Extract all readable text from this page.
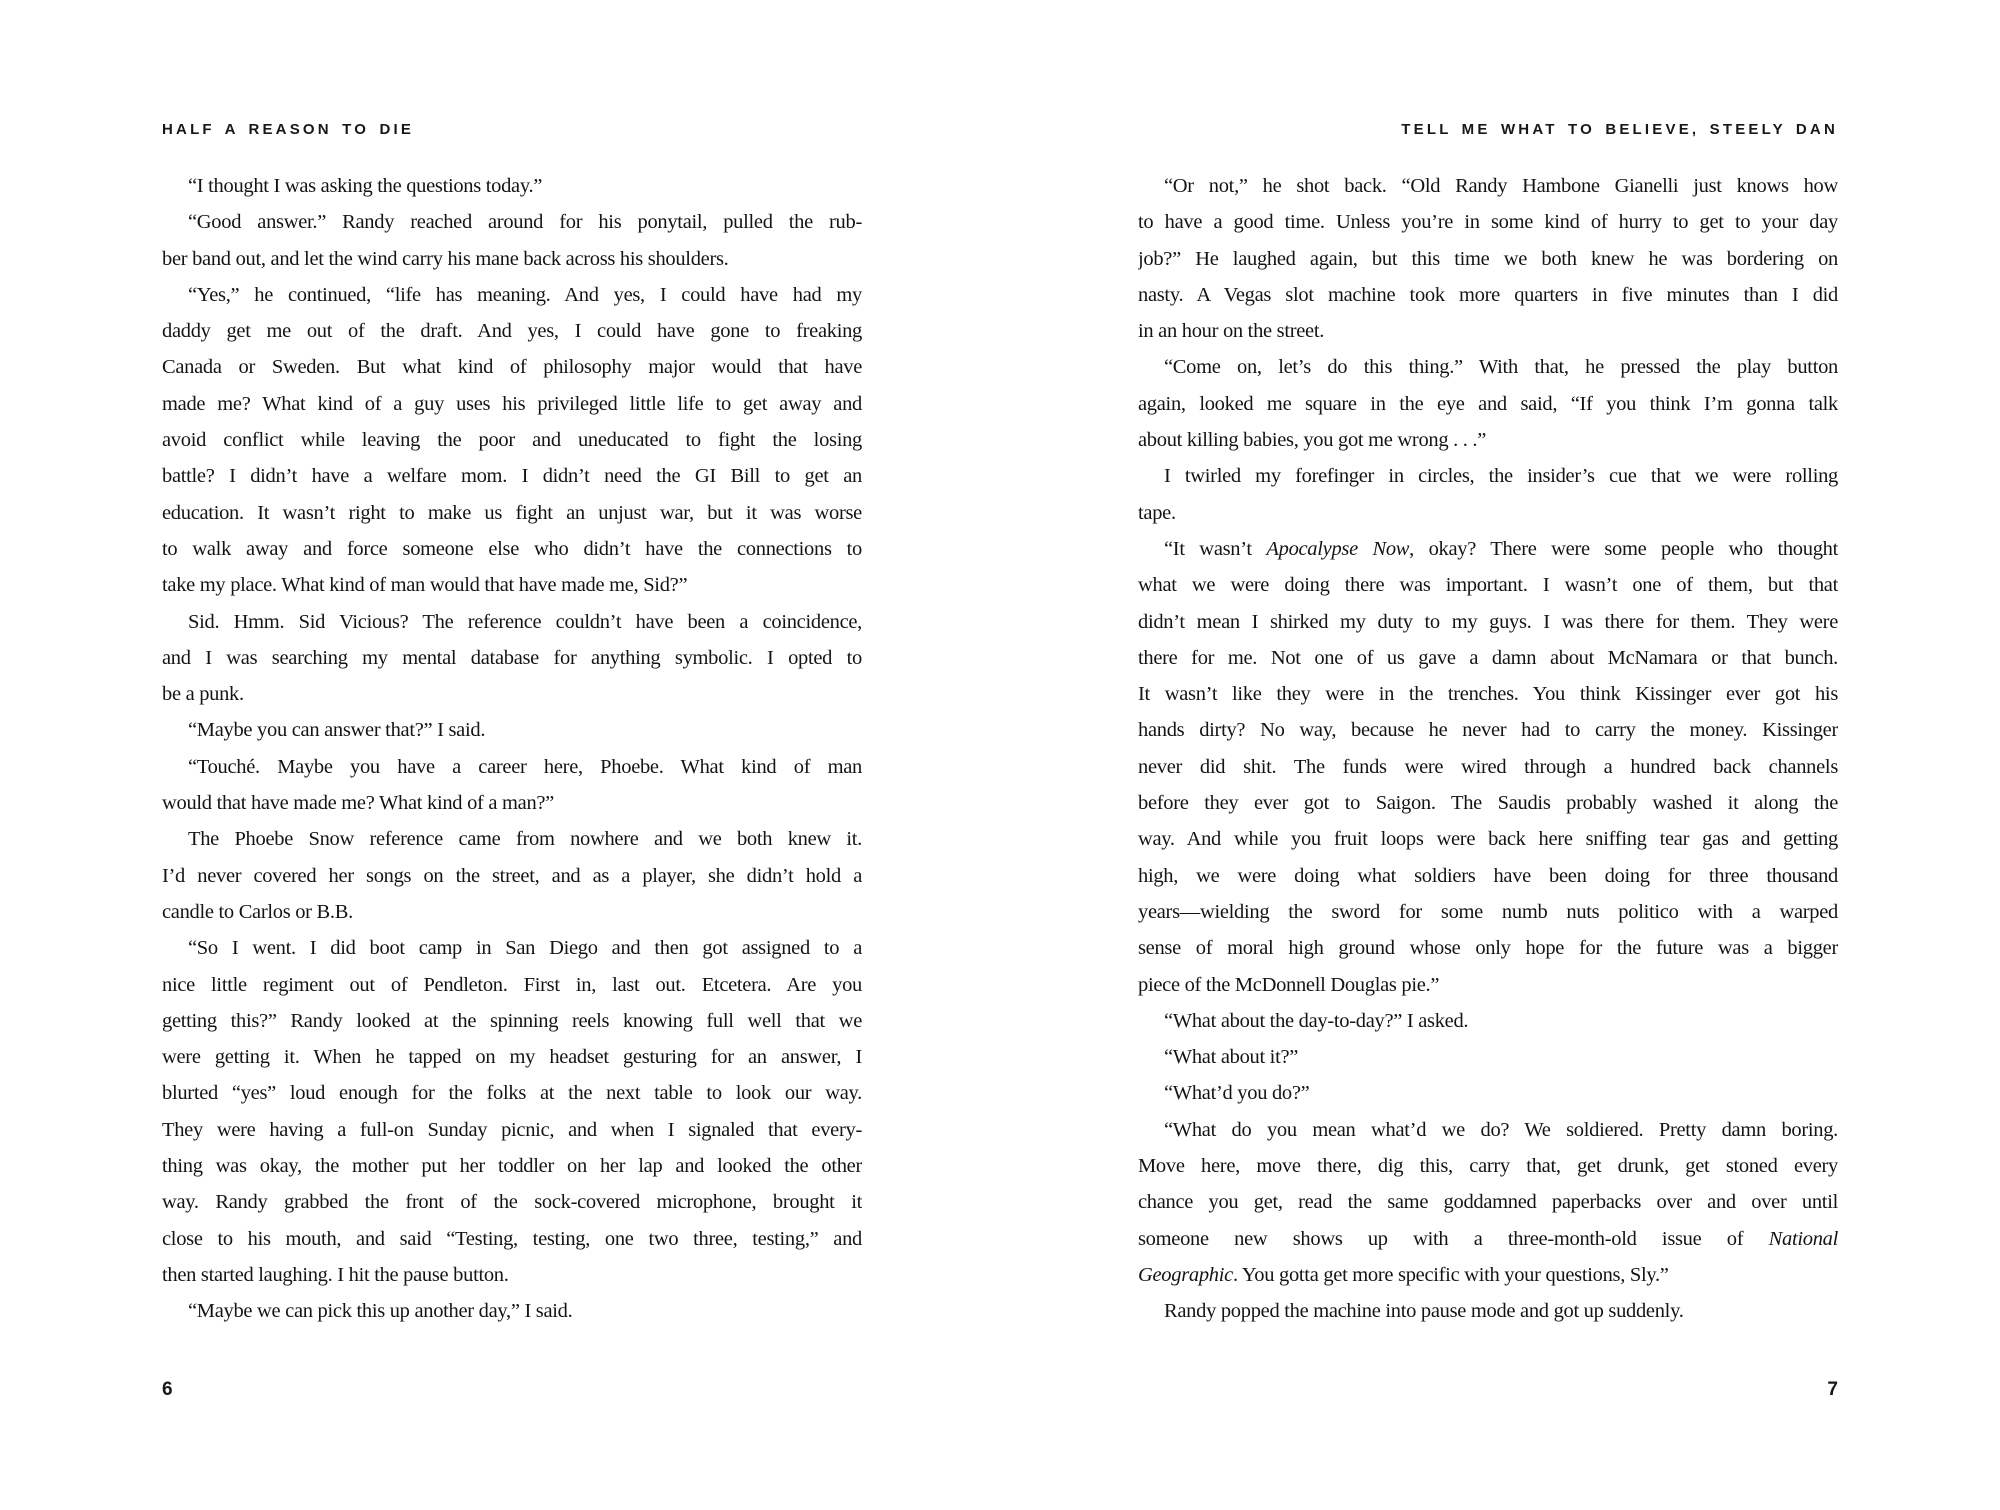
HALF A REASON TO DIE
“I thought I was asking the questions today.”
“Good answer.” Randy reached around for his ponytail, pulled the rub-
ber band out, and let the wind carry his mane back across his shoulders.
“Yes,” he continued, “life has meaning. And yes, I could have had my
daddy get me out of the draft. And yes, I could have gone to freaking
Canada or Sweden. But what kind of philosophy major would that have
made me? What kind of a guy uses his privileged little life to get away and
avoid conflict while leaving the poor and uneducated to fight the losing
battle? I didn’t have a welfare mom. I didn’t need the GI Bill to get an
education. It wasn’t right to make us fight an unjust war, but it was worse
to walk away and force someone else who didn’t have the connections to
take my place. What kind of man would that have made me, Sid?”
Sid. Hmm. Sid Vicious? The reference couldn’t have been a coincidence,
and I was searching my mental database for anything symbolic. I opted to
be a punk.
“Maybe you can answer that?” I said.
“Touché. Maybe you have a career here, Phoebe. What kind of man
would that have made me? What kind of a man?”
The Phoebe Snow reference came from nowhere and we both knew it.
I’d never covered her songs on the street, and as a player, she didn’t hold a
candle to Carlos or B.B.
“So I went. I did boot camp in San Diego and then got assigned to a
nice little regiment out of Pendleton. First in, last out. Etcetera. Are you
getting this?” Randy looked at the spinning reels knowing full well that we
were getting it. When he tapped on my headset gesturing for an answer, I
blurted “yes” loud enough for the folks at the next table to look our way.
They were having a full-on Sunday picnic, and when I signaled that every-
thing was okay, the mother put her toddler on her lap and looked the other
way. Randy grabbed the front of the sock-covered microphone, brought it
close to his mouth, and said “Testing, testing, one two three, testing,” and
then started laughing. I hit the pause button.
“Maybe we can pick this up another day,” I said.
6
TELL ME WHAT TO BELIEVE, STEELY DAN
“Or not,” he shot back. “Old Randy Hambone Gianelli just knows how
to have a good time. Unless you’re in some kind of hurry to get to your day
job?” He laughed again, but this time we both knew he was bordering on
nasty. A Vegas slot machine took more quarters in five minutes than I did
in an hour on the street.
“Come on, let’s do this thing.” With that, he pressed the play button
again, looked me square in the eye and said, “If you think I’m gonna talk
about killing babies, you got me wrong . . .”
I twirled my forefinger in circles, the insider’s cue that we were rolling
tape.
“It wasn’t Apocalypse Now, okay? There were some people who thought
what we were doing there was important. I wasn’t one of them, but that
didn’t mean I shirked my duty to my guys. I was there for them. They were
there for me. Not one of us gave a damn about McNamara or that bunch.
It wasn’t like they were in the trenches. You think Kissinger ever got his
hands dirty? No way, because he never had to carry the money. Kissinger
never did shit. The funds were wired through a hundred back channels
before they ever got to Saigon. The Saudis probably washed it along the
way. And while you fruit loops were back here sniffing tear gas and getting
high, we were doing what soldiers have been doing for three thousand
years—wielding the sword for some numb nuts politico with a warped
sense of moral high ground whose only hope for the future was a bigger
piece of the McDonnell Douglas pie.”
“What about the day-to-day?” I asked.
“What about it?”
“What’d you do?”
“What do you mean what’d we do? We soldiered. Pretty damn boring.
Move here, move there, dig this, carry that, get drunk, get stoned every
chance you get, read the same goddamned paperbacks over and over until
someone new shows up with a three-month-old issue of National
Geographic. You gotta get more specific with your questions, Sly.”
Randy popped the machine into pause mode and got up suddenly.
7
